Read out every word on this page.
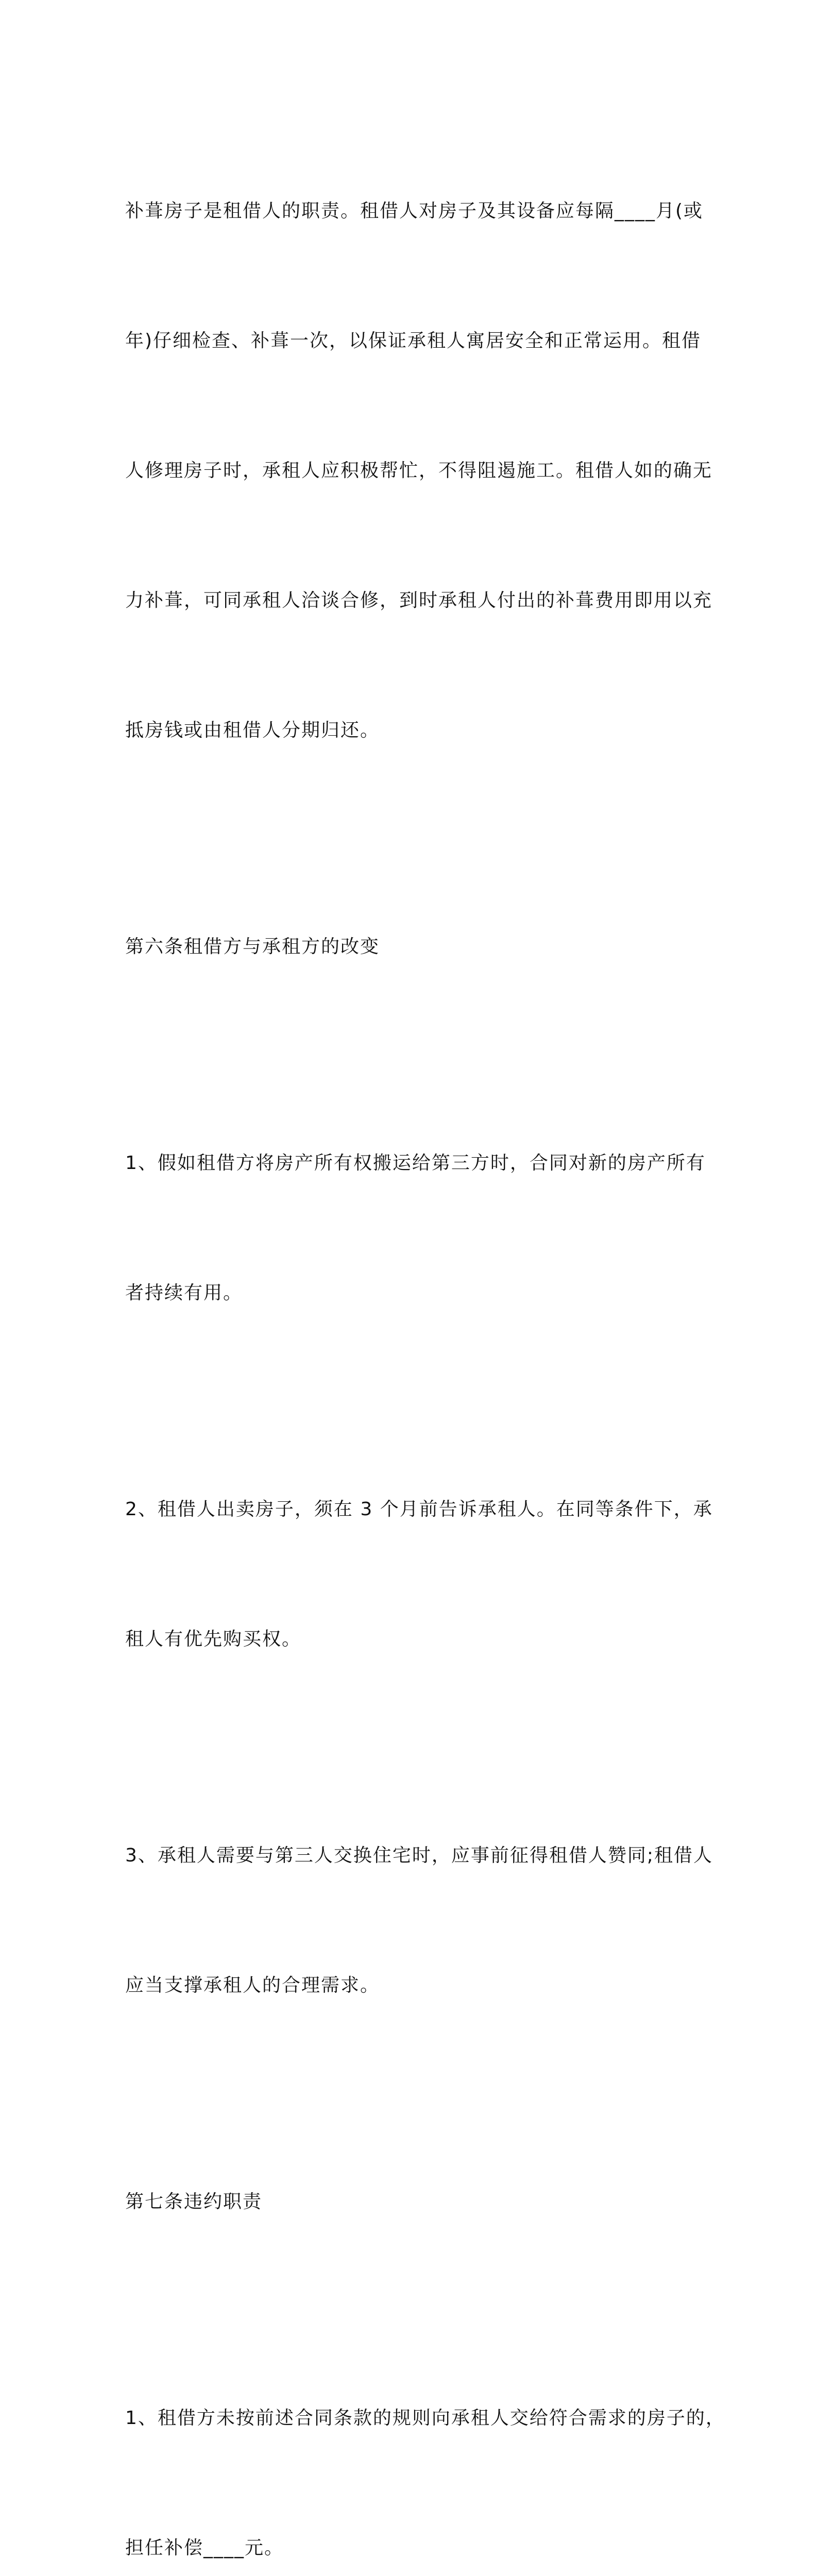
补葺房子是租借人的职责。租借人对房子及其设备应每隔____月(或

年)仔细检查、补葺一次，以保证承租人寓居安全和正常运用。租借

人修理房子时，承租人应积极帮忙，不得阻遏施工。租借人如的确无

力补葺，可同承租人洽谈合修，到时承租人付出的补葺费用即用以充

抵房钱或由租借人分期归还。

第六条租借方与承租方的改变

1、假如租借方将房产所有权搬运给第三方时，合同对新的房产所有

者持续有用。

2、租借人出卖房子，须在 3 个月前告诉承租人。在同等条件下，承

租人有优先购买权。

3、承租人需要与第三人交换住宅时，应事前征得租借人赞同;租借人

应当支撑承租人的合理需求。

第七条违约职责

1、租借方未按前述合同条款的规则向承租人交给符合需求的房子的，

担任补偿____元。
